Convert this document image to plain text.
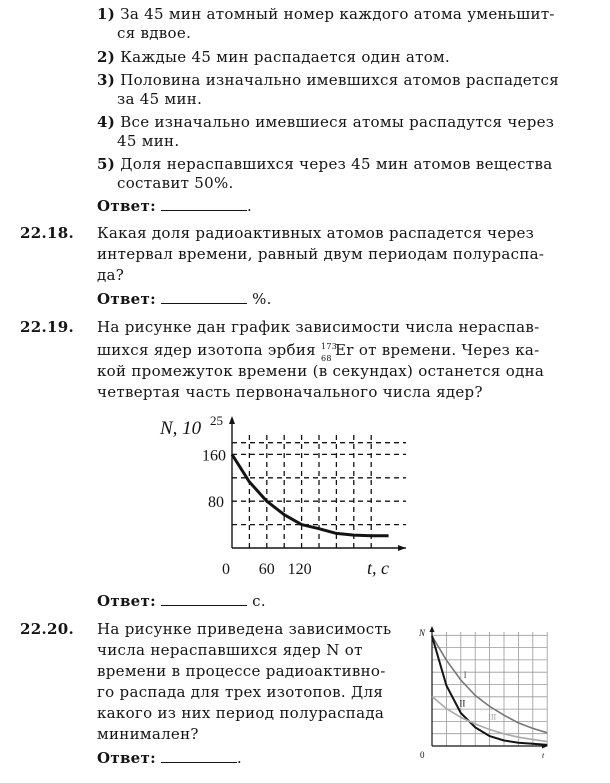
1) За 45 мин атомный номер каждого атома уменьшит-
ся вдвое.
2) Каждые 45 мин распадается один атом.
3) Половина изначально имевшихся атомов распадется
за 45 мин.
4) Все изначально имевшиеся атомы распадутся через
45 мин.
5) Доля нераспавшихся через 45 мин атомов вещества
составит 50%.
Ответ:	.
22.18. Какая доля радиоактивных атомов распадется через
интервал времени, равный двум периодам полураспа-
да?
Ответ:	%.
22.19. На рисунке дан график зависимости числа нераспав-
шихся ядер изотопа эрбия 173
68 Er от времени. Через ка-
кой промежуток времени (в секундах) останется одна
четвертая часть первоначального числа ядер?
N, 10 25
160
80
0 60 120	t, c
Ответ:	с.
22.20. На рисунке приведена зависимость
числа нераспавшихся ядер N от
времени в процессе радиоактивно-
го распада для трех изотопов. Для
какого из них период полураспада
минимален?
Ответ:	.
N
0	t
I
II
III
